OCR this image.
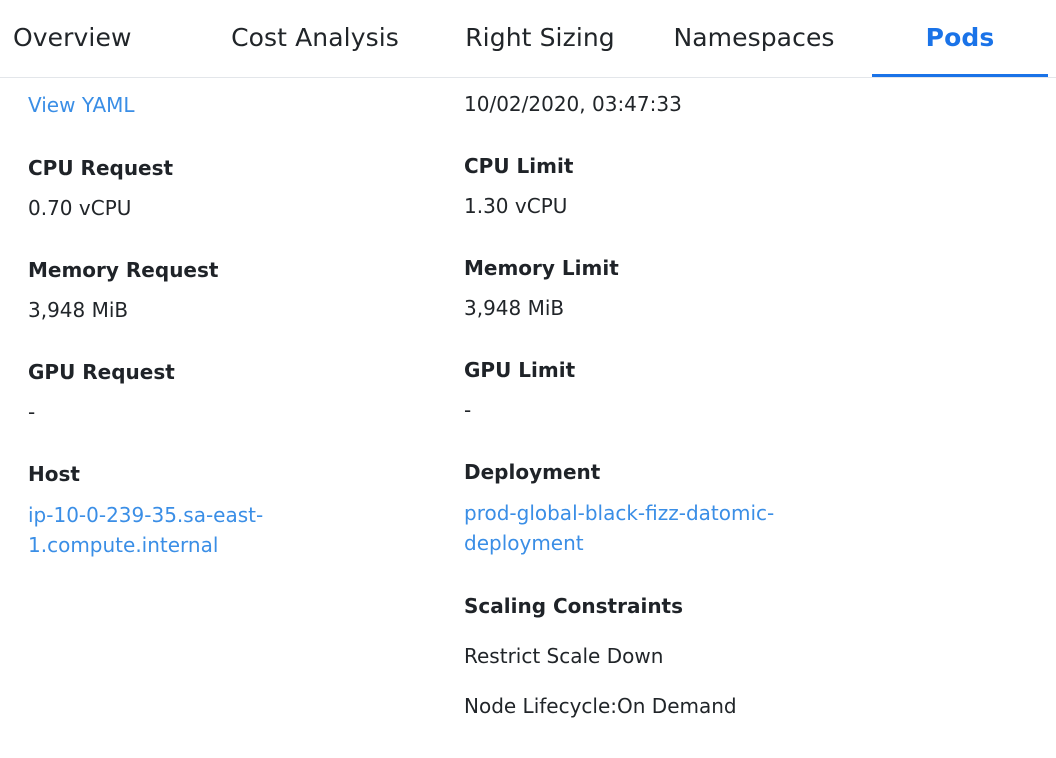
Overview	Cost Analysis	Right Sizing Namespaces	Pods
View YAML
CPU Request
0.70 vCPU
Memory Request
3,948 MiB
GPU Request
-
Host
ip-10-0-239-35.sa-east-1.compute.internal
10/02/2020, 03:47:33
CPU Limit
1.30 vCPU
Memory Limit
3,948 MiB
GPU Limit
-
Deployment
prod-global-black-fizz-datomic-deployment
Scaling Constraints
Restrict Scale Down
Node Lifecycle:On Demand
